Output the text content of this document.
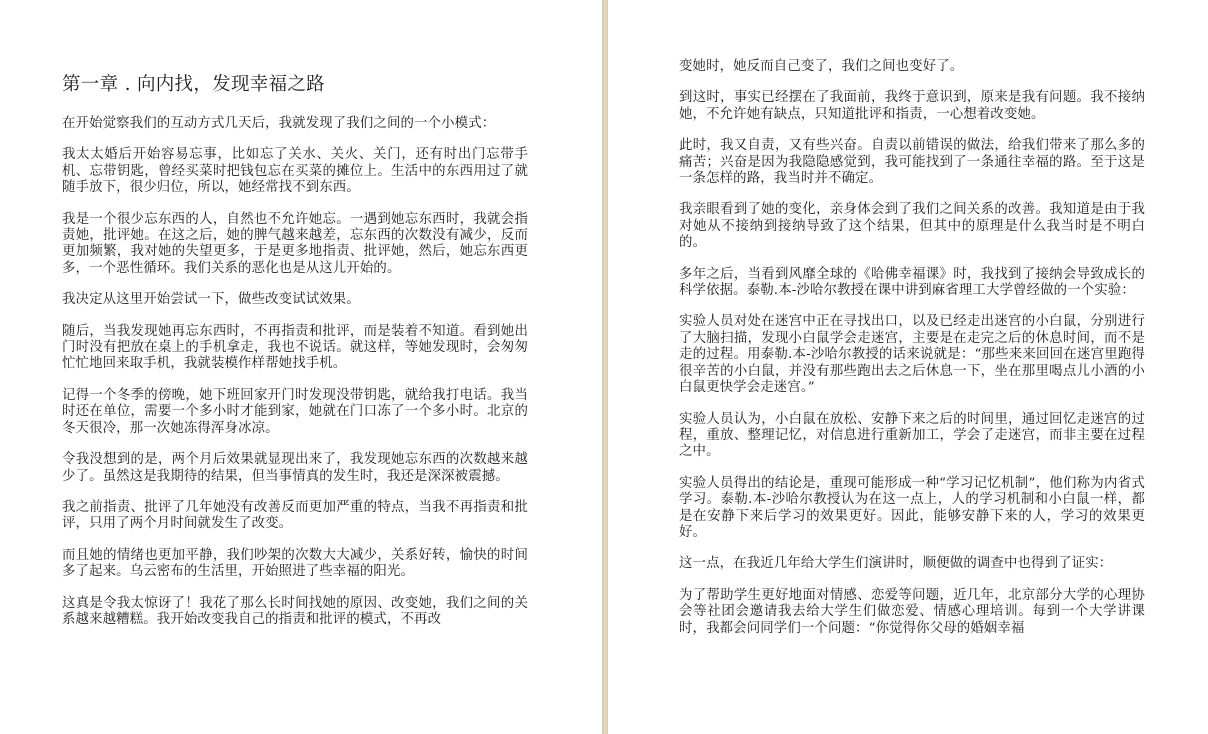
第一章 . 向内找，发现幸福之路

在开始觉察我们的互动方式几天后，我就发现了我们之间的一个小模式：

我太太婚后开始容易忘事，比如忘了关水、关火、关门，还有时出门忘带手机、忘带钥匙，曾经买菜时把钱包忘在买菜的摊位上。生活中的东西用过了就随手放下，很少归位，所以，她经常找不到东西。

我是一个很少忘东西的人，自然也不允许她忘。一遇到她忘东西时，我就会指责她，批评她。在这之后，她的脾气越来越差，忘东西的次数没有减少，反而更加频繁，我对她的失望更多，于是更多地指责、批评她，然后，她忘东西更多，一个恶性循环。我们关系的恶化也是从这儿开始的。

我决定从这里开始尝试一下，做些改变试试效果。

随后，当我发现她再忘东西时，不再指责和批评，而是装着不知道。看到她出门时没有把放在桌上的手机拿走，我也不说话。就这样，等她发现时，会匆匆忙忙地回来取手机，我就装模作样帮她找手机。

记得一个冬季的傍晚，她下班回家开门时发现没带钥匙，就给我打电话。我当时还在单位，需要一个多小时才能到家，她就在门口冻了一个多小时。北京的冬天很冷，那一次她冻得浑身冰凉。

令我没想到的是，两个月后效果就显现出来了，我发现她忘东西的次数越来越少了。虽然这是我期待的结果，但当事情真的发生时，我还是深深被震撼。

我之前指责、批评了几年她没有改善反而更加严重的特点，当我不再指责和批评，只用了两个月时间就发生了改变。

而且她的情绪也更加平静，我们吵架的次数大大减少，关系好转，愉快的时间多了起来。乌云密布的生活里，开始照进了些幸福的阳光。

这真是令我太惊讶了！我花了那么长时间找她的原因、改变她，我们之间的关系越来越糟糕。我开始改变我自己的指责和批评的模式，不再改

变她时，她反而自己变了，我们之间也变好了。

到这时，事实已经摆在了我面前，我终于意识到，原来是我有问题。我不接纳她，不允许她有缺点，只知道批评和指责，一心想着改变她。

此时，我又自责，又有些兴奋。自责以前错误的做法，给我们带来了那么多的痛苦；兴奋是因为我隐隐感觉到，我可能找到了一条通往幸福的路。至于这是一条怎样的路，我当时并不确定。

我亲眼看到了她的变化，亲身体会到了我们之间关系的改善。我知道是由于我对她从不接纳到接纳导致了这个结果，但其中的原理是什么我当时是不明白的。

多年之后，当看到风靡全球的《哈佛幸福课》时，我找到了接纳会导致成长的科学依据。泰勒.本-沙哈尔教授在课中讲到麻省理工大学曾经做的一个实验：

实验人员对处在迷宫中正在寻找出口，以及已经走出迷宫的小白鼠，分别进行了大脑扫描，发现小白鼠学会走迷宫，主要是在走完之后的休息时间，而不是走的过程。用泰勒.本-沙哈尔教授的话来说就是：“那些来来回回在迷宫里跑得很辛苦的小白鼠，并没有那些跑出去之后休息一下，坐在那里喝点儿小酒的小白鼠更快学会走迷宫。”

实验人员认为，小白鼠在放松、安静下来之后的时间里，通过回忆走迷宫的过程，重放、整理记忆，对信息进行重新加工，学会了走迷宫，而非主要在过程之中。

实验人员得出的结论是，重现可能形成一种“学习记忆机制”，他们称为内省式学习。泰勒.本-沙哈尔教授认为在这一点上，人的学习机制和小白鼠一样，都是在安静下来后学习的效果更好。因此，能够安静下来的人，学习的效果更好。

这一点，在我近几年给大学生们演讲时，顺便做的调查中也得到了证实：

为了帮助学生更好地面对情感、恋爱等问题，近几年，北京部分大学的心理协会等社团会邀请我去给大学生们做恋爱、情感心理培训。每到一个大学讲课时，我都会问同学们一个问题：“你觉得你父母的婚姻幸福
